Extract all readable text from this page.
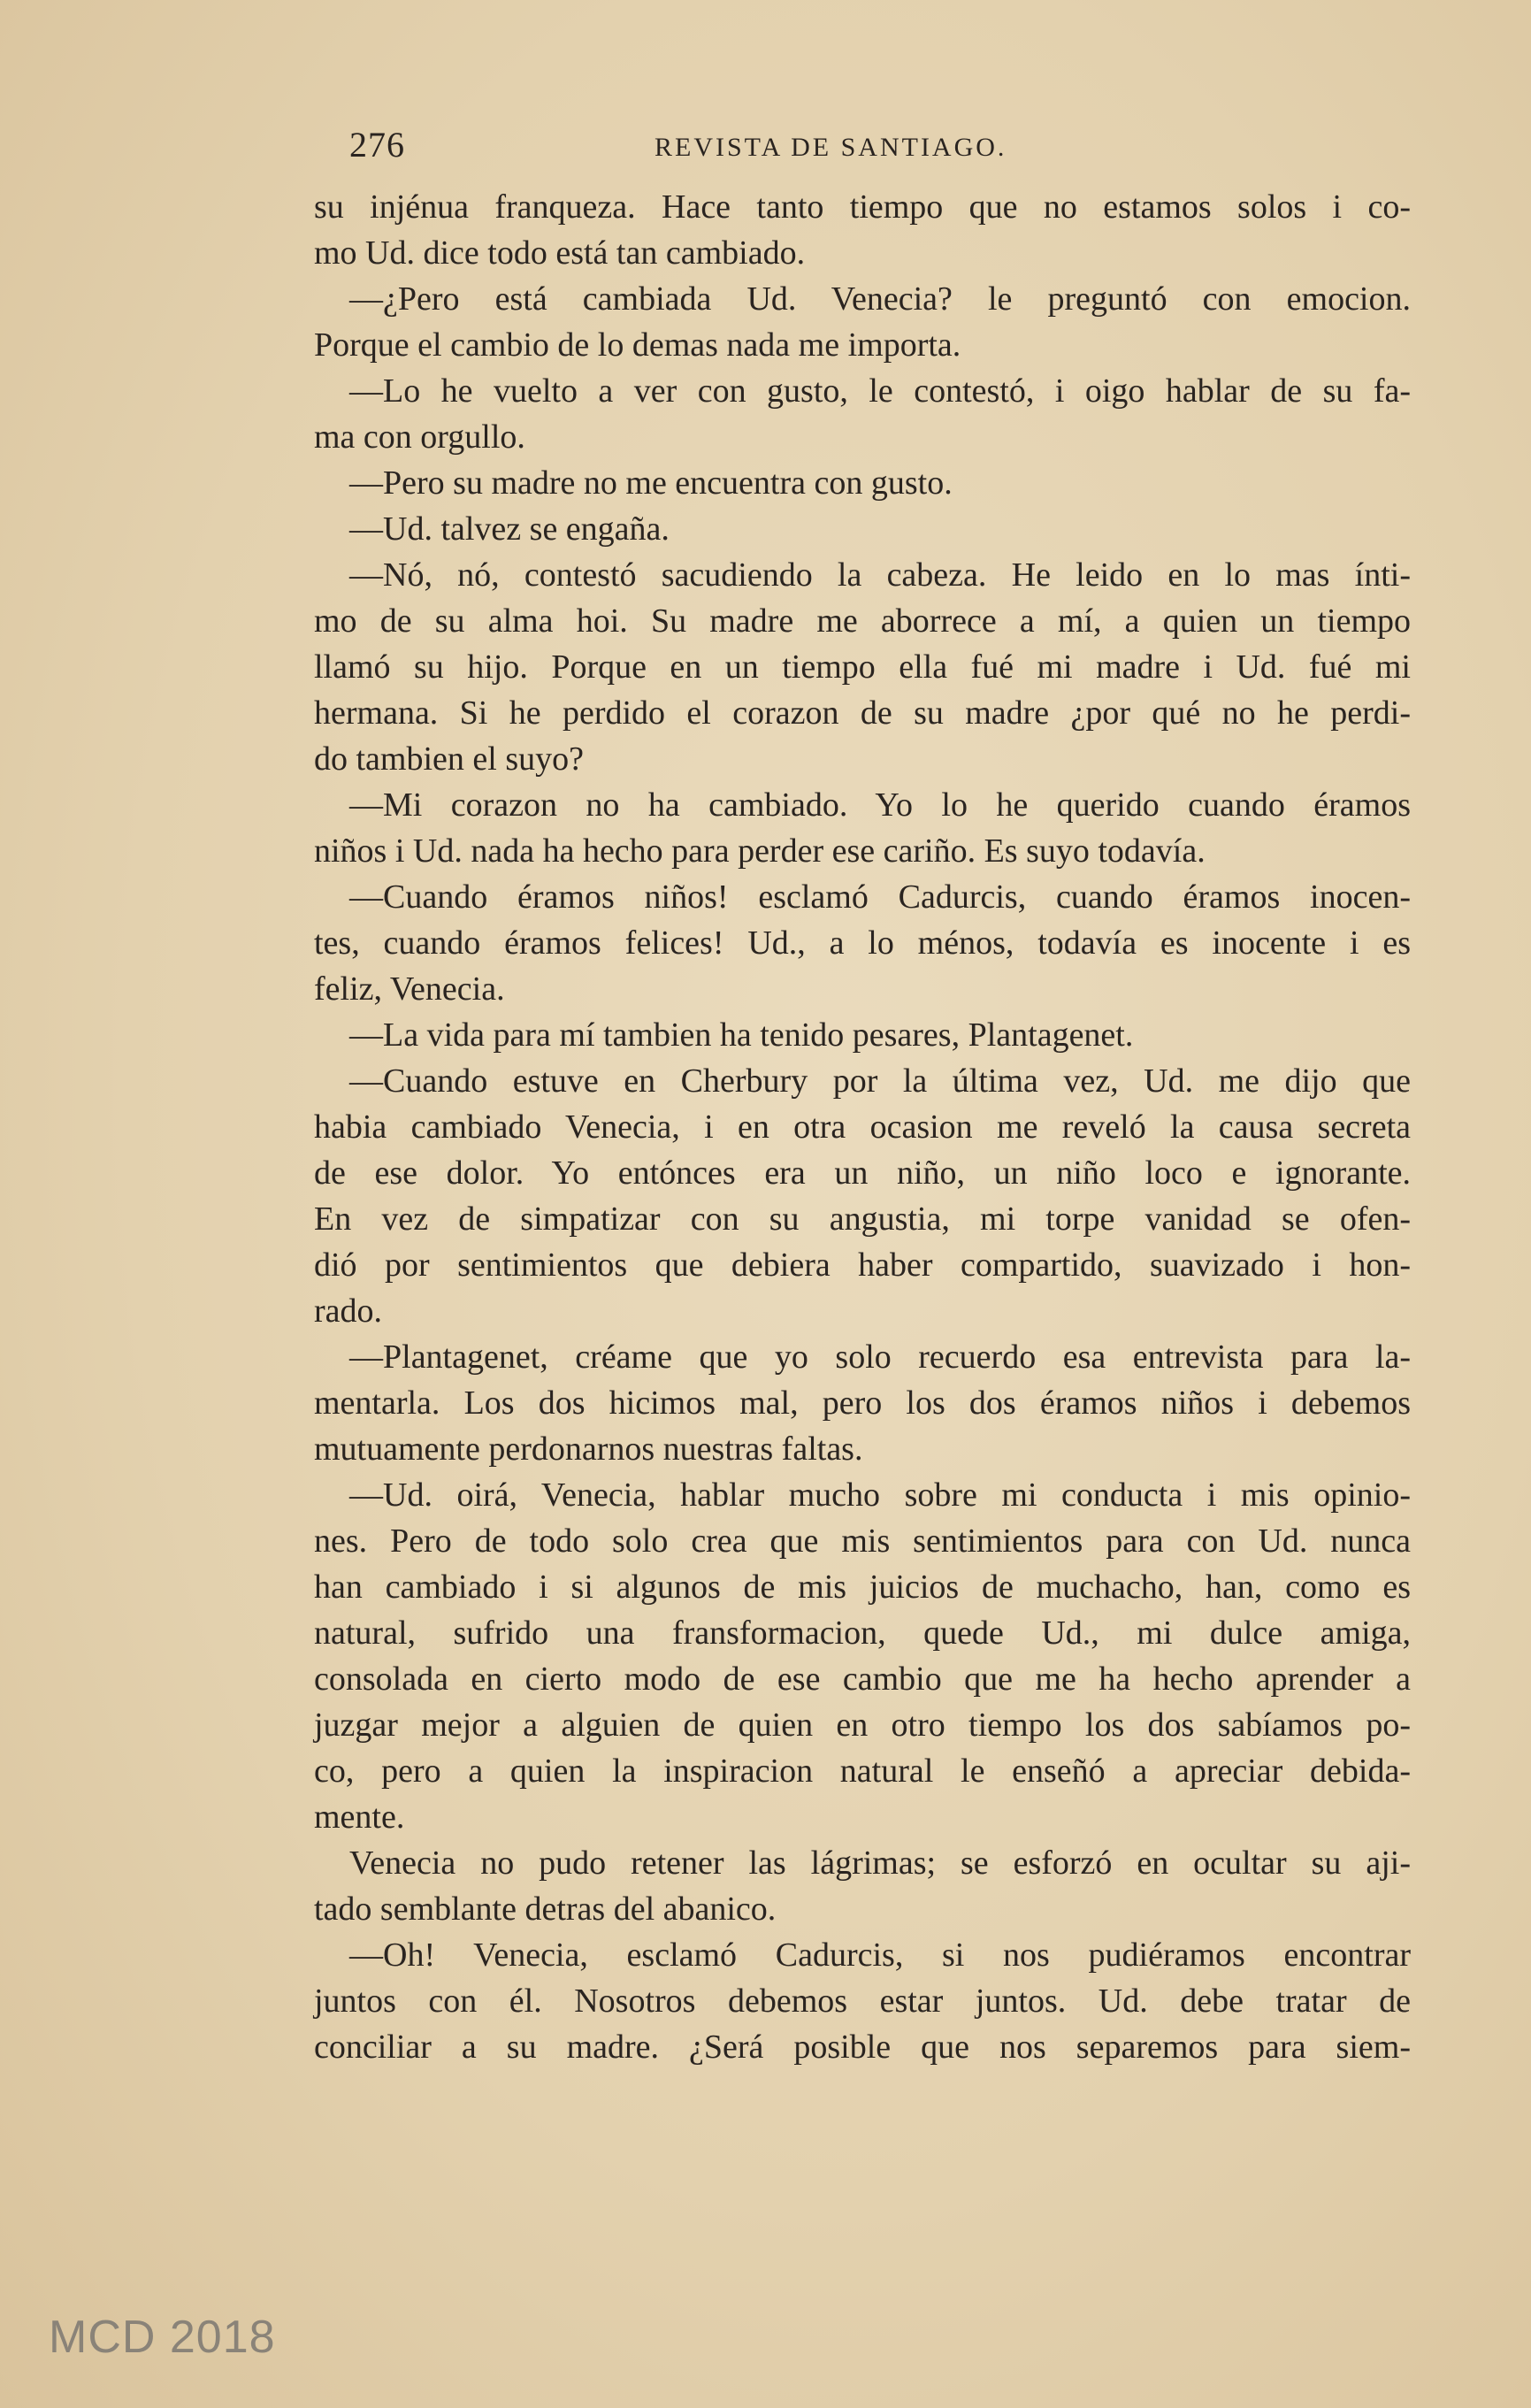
276	REVISTA DE SANTIAGO.
su injénua franqueza. Hace tanto tiempo que no estamos solos i co-
mo Ud. dice todo está tan cambiado.
—¿Pero está cambiada Ud. Venecia? le preguntó con emocion.
Porque el cambio de lo demas nada me importa.
—Lo he vuelto a ver con gusto, le contestó, i oigo hablar de su fa-
ma con orgullo.
—Pero su madre no me encuentra con gusto.
—Ud. talvez se engaña.
—Nó, nó, contestó sacudiendo la cabeza. He leido en lo mas ínti-
mo de su alma hoi. Su madre me aborrece a mí, a quien un tiempo
llamó su hijo. Porque en un tiempo ella fué mi madre i Ud. fué mi
hermana. Si he perdido el corazon de su madre ¿por qué no he perdi-
do tambien el suyo?
—Mi corazon no ha cambiado. Yo lo he querido cuando éramos
niños i Ud. nada ha hecho para perder ese cariño. Es suyo todavía.
—Cuando éramos niños! esclamó Cadurcis, cuando éramos inocen-
tes, cuando éramos felices! Ud., a lo ménos, todavía es inocente i es
feliz, Venecia.
—La vida para mí tambien ha tenido pesares, Plantagenet.
—Cuando estuve en Cherbury por la última vez, Ud. me dijo que
habia cambiado Venecia, i en otra ocasion me reveló la causa secreta
de ese dolor. Yo entónces era un niño, un niño loco e ignorante.
En vez de simpatizar con su angustia, mi torpe vanidad se ofen-
dió por sentimientos que debiera haber compartido, suavizado i hon-
rado.
—Plantagenet, créame que yo solo recuerdo esa entrevista para la-
mentarla. Los dos hicimos mal, pero los dos éramos niños i debemos
mutuamente perdonarnos nuestras faltas.
—Ud. oirá, Venecia, hablar mucho sobre mi conducta i mis opinio-
nes. Pero de todo solo crea que mis sentimientos para con Ud. nunca
han cambiado i si algunos de mis juicios de muchacho, han, como es
natural, sufrido una fransformacion, quede Ud., mi dulce amiga,
consolada en cierto modo de ese cambio que me ha hecho aprender a
juzgar mejor a alguien de quien en otro tiempo los dos sabíamos po-
co, pero a quien la inspiracion natural le enseñó a apreciar debida-
mente.
Venecia no pudo retener las lágrimas; se esforzó en ocultar su aji-
tado semblante detras del abanico.
—Oh! Venecia, esclamó Cadurcis, si nos pudiéramos encontrar
juntos con él. Nosotros debemos estar juntos. Ud. debe tratar de
conciliar a su madre. ¿Será posible que nos separemos para siem-
MCD 2018
